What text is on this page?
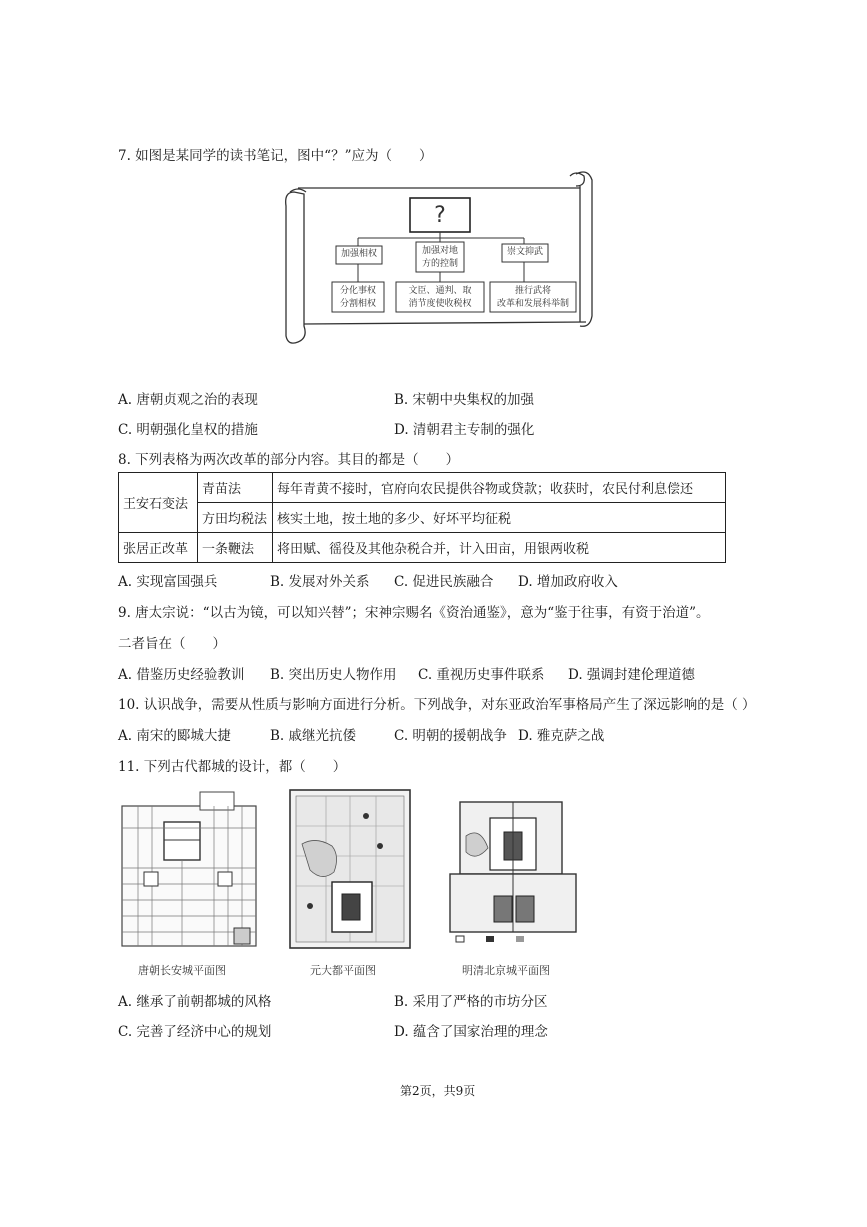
7. 如图是某同学的读书笔记，图中“？”应为（　　）
?
加强相权	加强对地
方的控制
崇文抑武
分化事权
分割相权
文臣、通判、取
消节度使收税权
推行武将
改革和发展科举制
A. 唐朝贞观之治的表现	B. 宋朝中央集权的加强
C. 明朝强化皇权的措施	D. 清朝君主专制的强化
8. 下列表格为两次改革的部分内容。其目的都是（　　）
王安石变法	青苗法	每年青黄不接时，官府向农民提供谷物或贷款；收获时，农民付利息偿还
	方田均税法	核实土地，按土地的多少、好坏平均征税
张居正改革	一条鞭法	将田赋、徭役及其他杂税合并，计入田亩，用银两收税
A. 实现富国强兵	B. 发展对外关系 C. 促进民族融合 D. 增加政府收入
9. 唐太宗说：“以古为镜，可以知兴替”；宋神宗赐名《资治通鉴》，意为“鉴于往事，有资于治道”。
二者旨在（　　）
A. 借鉴历史经验教训 B. 突出历史人物作用 C. 重视历史事件联系 D. 强调封建伦理道德
10. 认识战争，需要从性质与影响方面进行分析。下列战争，对东亚政治军事格局产生了深远影响的是（ ）
A. 南宋的郾城大捷	B. 戚继光抗倭	C. 明朝的援朝战争 D. 雅克萨之战
11. 下列古代都城的设计，都（　　）
唐朝长安城平面图	元大都平面图	明清北京城平面图
A. 继承了前朝都城的风格	B. 采用了严格的市坊分区
C. 完善了经济中心的规划	D. 蕴含了国家治理的理念
第2页，共9页
